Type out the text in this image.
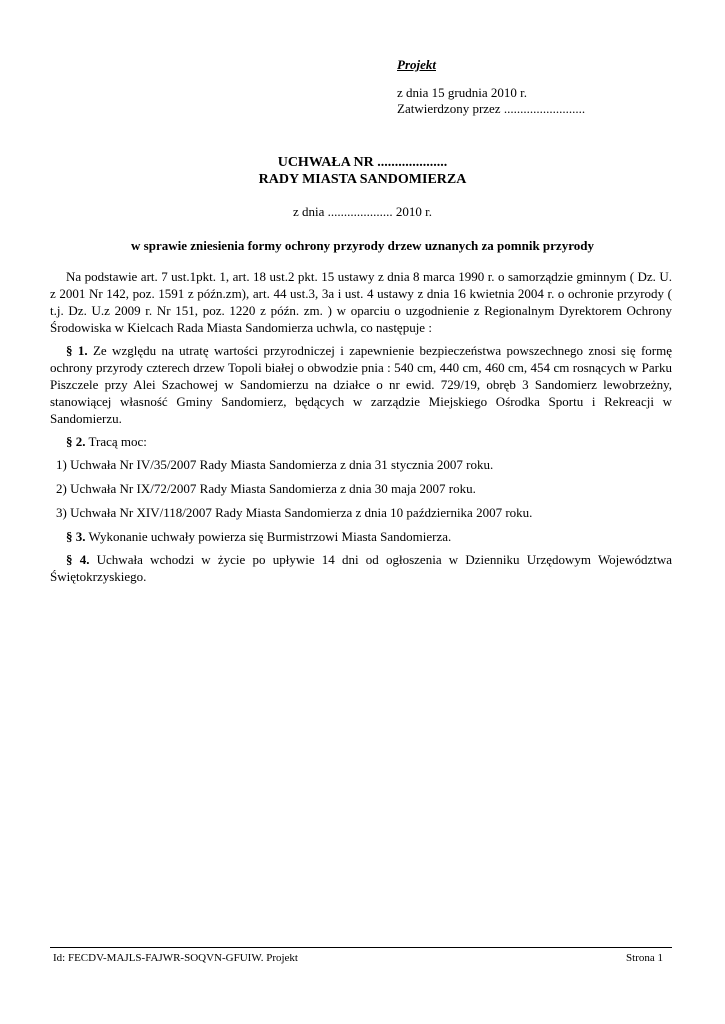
Projekt
z dnia 15 grudnia 2010 r.
Zatwierdzony przez .........................
UCHWAŁA NR ....................
RADY MIASTA SANDOMIERZA
z dnia .................... 2010 r.
w sprawie zniesienia formy ochrony przyrody drzew uznanych za pomnik przyrody

Na podstawie art. 7 ust.1pkt. 1, art. 18 ust.2 pkt. 15 ustawy z dnia 8 marca 1990 r. o samorządzie gminnym ( Dz. U. z 2001 Nr 142, poz. 1591 z późn.zm), art. 44 ust.3, 3a i ust. 4 ustawy z dnia 16 kwietnia 2004 r. o ochronie przyrody ( t.j. Dz. U.z 2009 r. Nr 151, poz. 1220 z późn. zm. ) w oparciu o uzgodnienie z Regionalnym Dyrektorem Ochrony Środowiska w Kielcach Rada Miasta Sandomierza uchwla, co następuje :

§ 1. Ze względu na utratę wartości przyrodniczej i zapewnienie bezpieczeństwa powszechnego znosi się formę ochrony przyrody czterech drzew Topoli białej o obwodzie pnia : 540 cm, 440 cm, 460 cm, 454 cm rosnących w Parku Piszczele przy Alei Szachowej w Sandomierzu na działce o nr ewid. 729/19, obręb 3 Sandomierz lewobrzeżny, stanowiącej własność Gminy Sandomierz, będących w zarządzie Miejskiego Ośrodka Sportu i Rekreacji w Sandomierzu.

§ 2. Tracą moc:

1) Uchwała Nr IV/35/2007 Rady Miasta Sandomierza z dnia 31 stycznia 2007 roku.

2) Uchwała Nr IX/72/2007 Rady Miasta Sandomierza z dnia 30 maja 2007 roku.

3) Uchwała Nr XIV/118/2007 Rady Miasta Sandomierza z dnia 10 października 2007 roku.

§ 3. Wykonanie uchwały powierza się Burmistrzowi Miasta Sandomierza.

§ 4. Uchwała wchodzi w życie po upływie 14 dni od ogłoszenia w Dzienniku Urzędowym Województwa Świętokrzyskiego.

Id: FECDV-MAJLS-FAJWR-SOQVN-GFUIW. Projekt	Strona 1
